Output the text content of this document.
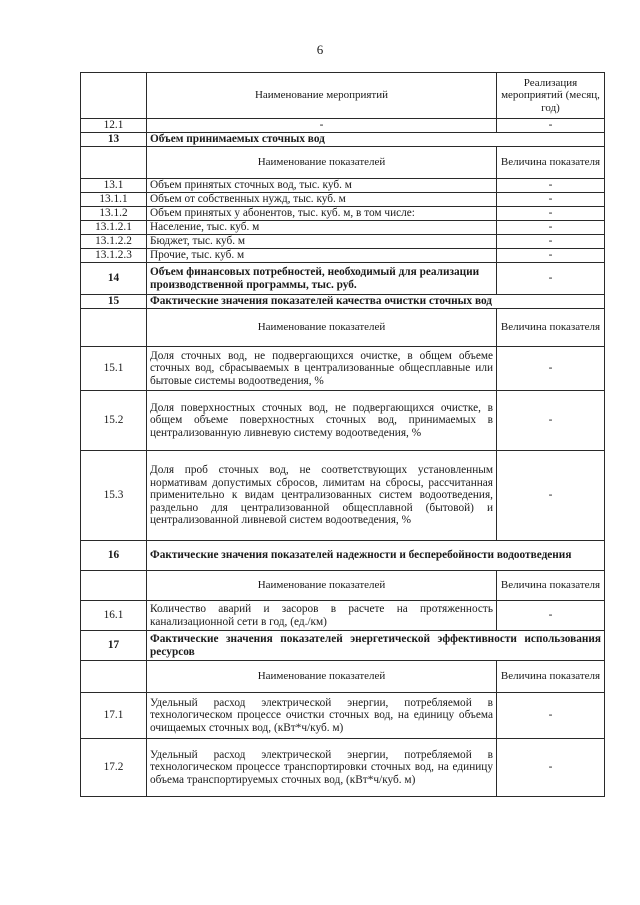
6
	Наименование мероприятий	Реализация мероприятий (месяц, год)
12.1	-	-
13	Объем принимаемых сточных вод	
	Наименование показателей	Величина показателя
13.1	Объем принятых сточных вод, тыс. куб. м	-
13.1.1	Объем от собственных нужд, тыс. куб. м	-
13.1.2	Объем принятых у абонентов, тыс. куб. м, в том числе:	-
13.1.2.1	Население, тыс. куб. м	-
13.1.2.2	Бюджет, тыс. куб. м	-
13.1.2.3	Прочие, тыс. куб. м	-
14	Объем финансовых потребностей, необходимый для реализации производственной программы, тыс. руб.	-
15	Фактические значения показателей качества очистки сточных вод	
	Наименование показателей	Величина показателя
15.1	Доля сточных вод, не подвергающихся очистке, в общем объеме сточных вод, сбрасываемых в централизованные общесплавные или бытовые системы водоотведения, %	-
15.2	Доля поверхностных сточных вод, не подвергающихся очистке, в общем объеме поверхностных сточных вод, принимаемых в централизованную ливневую систему водоотведения, %	-
15.3	Доля проб сточных вод, не соответствующих установленным нормативам допустимых сбросов, лимитам на сбросы, рассчитанная применительно к видам централизованных систем водоотведения, раздельно для централизованной общесплавной (бытовой) и централизованной ливневой систем водоотведения, %	-
16	Фактические значения показателей надежности и бесперебойности водоотведения	
	Наименование показателей	Величина показателя
16.1	Количество аварий и засоров в расчете на протяженность канализационной сети в год, (ед./км)	-
17	Фактические значения показателей энергетической эффективности использования ресурсов	
	Наименование показателей	Величина показателя
17.1	Удельный расход электрической энергии, потребляемой в технологическом процессе очистки сточных вод, на единицу объема очищаемых сточных вод, (кВт*ч/куб. м)	-
17.2	Удельный расход электрической энергии, потребляемой в технологическом процессе транспортировки сточных вод, на единицу объема транспортируемых сточных вод, (кВт*ч/куб. м)	-
